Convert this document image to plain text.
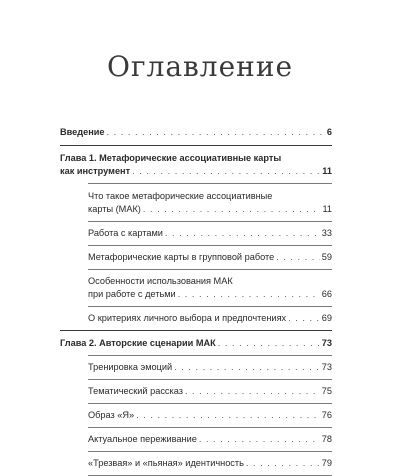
Оглавление
Введение . . .	6
Глава 1. Метафорические ассоциативные карты
как инструмент . . .	11
Что такое метафорические ассоциативные
карты (МАК) . . .	11
Работа с картами . . .	33
Метафорические карты в групповой работе . . .	59
Особенности использования МАК
при работе с детьми . . .	66
О критериях личного выбора и предпочтениях . . .	69
Глава 2. Авторские сценарии МАК . . .	73
Тренировка эмоций . . .	73
Тематический рассказ . . .	75
Образ «Я» . . .	76
Актуальное переживание . . .	78
«Трезвая» и «пьяная» идентичность . . .	79
